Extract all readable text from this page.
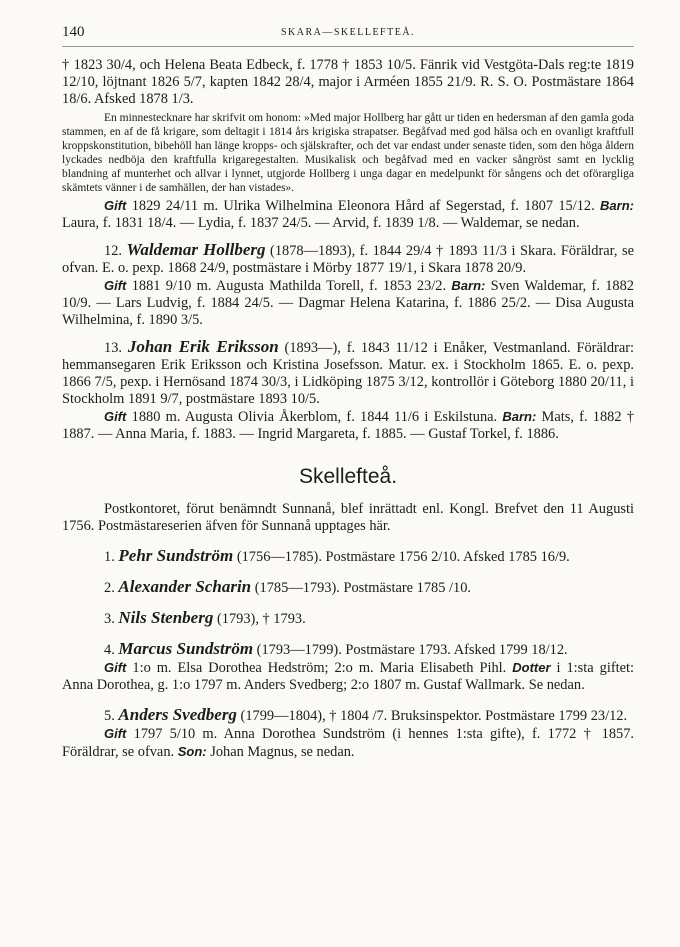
140	SKARA—SKELLEFTEÅ.

† 1823 30/4, och Helena Beata Edbeck, f. 1778 † 1853 10/5. Fänrik vid Vestgöta-Dals reg:te 1819 12/10, löjtnant 1826 5/7, kapten 1842 28/4, major i Arméen 1855 21/9. R. S. O. Postmästare 1864 18/6. Afsked 1878 1/3.

En minnestecknare har skrifvit om honom: »Med major Hollberg har gått ur tiden en hedersman af den gamla goda stammen, en af de få krigare, som deltagit i 1814 års krigiska strapatser. Begåfvad med god hälsa och en ovanligt kraftfull kroppskonstitution, bibehöll han länge kropps- och själskrafter, och det var endast under senaste tiden, som den höga åldern lyckades nedböja den kraftfulla krigaregestalten. Musikalisk och begåfvad med en vacker sångröst samt en lycklig blandning af munterhet och allvar i lynnet, utgjorde Hollberg i unga dagar en medelpunkt för sångens och det oförargliga skämtets vänner i de samhällen, der han vistades».

Gift 1829 24/11 m. Ulrika Wilhelmina Eleonora Hård af Segerstad, f. 1807 15/12. Barn: Laura, f. 1831 18/4. — Lydia, f. 1837 24/5. — Arvid, f. 1839 1/8. — Waldemar, se nedan.

12. Waldemar Hollberg (1878—1893), f. 1844 29/4 † 1893 11/3 i Skara. Föräldrar, se ofvan. E. o. pexp. 1868 24/9, postmästare i Mörby 1877 19/1, i Skara 1878 20/9.

Gift 1881 9/10 m. Augusta Mathilda Torell, f. 1853 23/2. Barn: Sven Waldemar, f. 1882 10/9. — Lars Ludvig, f. 1884 24/5. — Dagmar Helena Katarina, f. 1886 25/2. — Disa Augusta Wilhelmina, f. 1890 3/5.

13. Johan Erik Eriksson (1893—), f. 1843 11/12 i Enåker, Vestmanland. Föräldrar: hemmansegaren Erik Eriksson och Kristina Josefsson. Matur. ex. i Stockholm 1865. E. o. pexp. 1866 7/5, pexp. i Hernösand 1874 30/3, i Lidköping 1875 3/12, kontrollör i Göteborg 1880 20/11, i Stockholm 1891 9/7, postmästare 1893 10/5.

Gift 1880 m. Augusta Olivia Åkerblom, f. 1844 11/6 i Eskilstuna. Barn: Mats, f. 1882 † 1887. — Anna Maria, f. 1883. — Ingrid Margareta, f. 1885. — Gustaf Torkel, f. 1886.

Skellefteå.

Postkontoret, förut benämndt Sunnanå, blef inrättadt enl. Kongl. Brefvet den 11 Augusti 1756. Postmästareserien äfven för Sunnanå upptages här.

1. Pehr Sundström (1756—1785). Postmästare 1756 2/10. Afsked 1785 16/9.

2. Alexander Scharin (1785—1793). Postmästare 1785 /10.

3. Nils Stenberg (1793), † 1793.

4. Marcus Sundström (1793—1799). Postmästare 1793. Afsked 1799 18/12.

Gift 1:o m. Elsa Dorothea Hedström; 2:o m. Maria Elisabeth Pihl. Dotter i 1:sta giftet: Anna Dorothea, g. 1:o 1797 m. Anders Svedberg; 2:o 1807 m. Gustaf Wallmark. Se nedan.

5. Anders Svedberg (1799—1804), † 1804 /7. Bruksinspektor. Postmästare 1799 23/12.

Gift 1797 5/10 m. Anna Dorothea Sundström (i hennes 1:sta gifte), f. 1772 † 1857. Föräldrar, se ofvan. Son: Johan Magnus, se nedan.
